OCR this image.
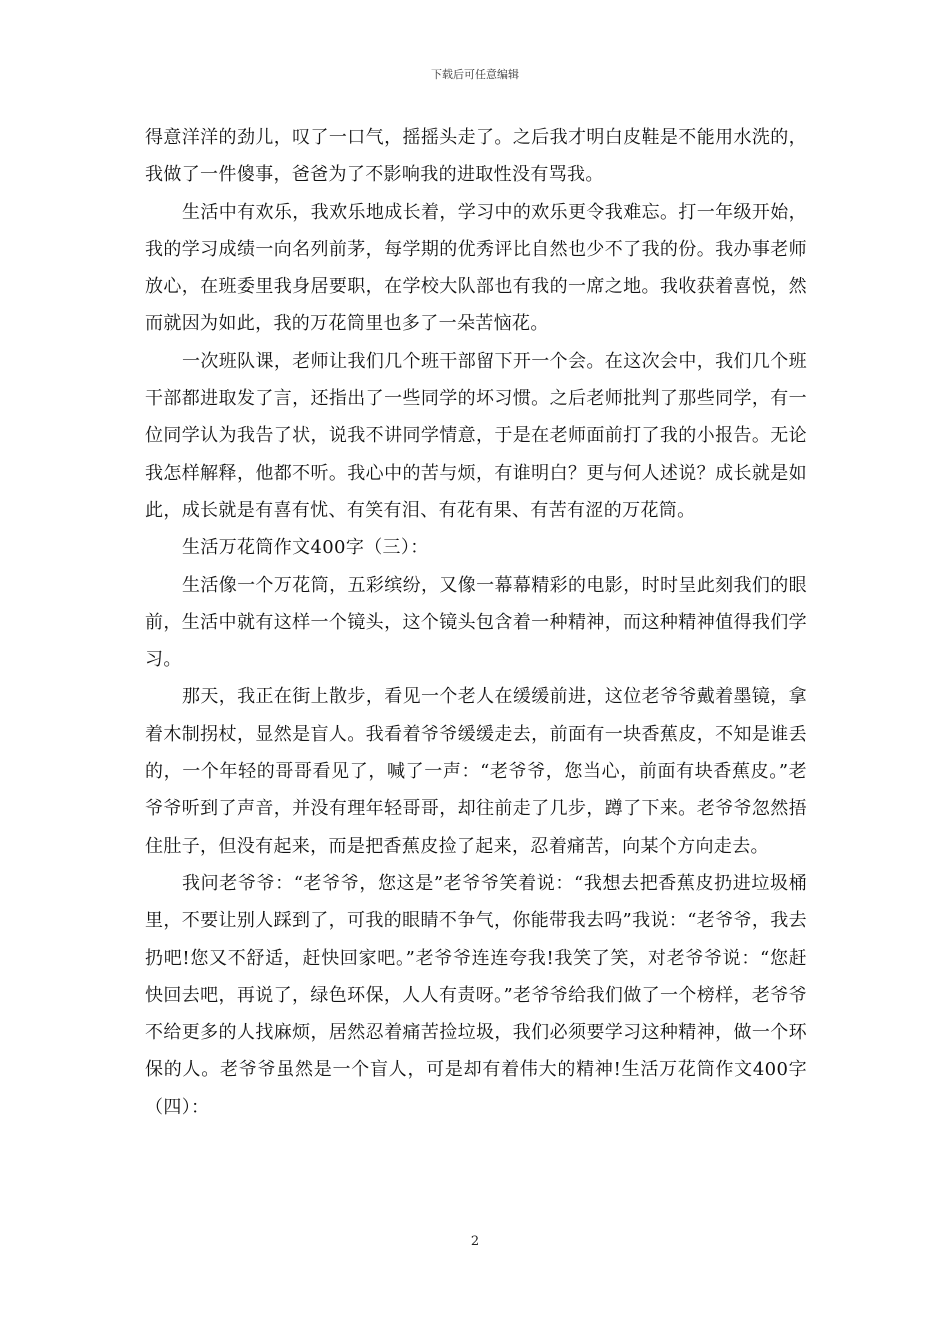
下载后可任意编辑

得意洋洋的劲儿，叹了一口气，摇摇头走了。之后我才明白皮鞋是不能用水洗的，我做了一件傻事，爸爸为了不影响我的进取性没有骂我。

生活中有欢乐，我欢乐地成长着，学习中的欢乐更令我难忘。打一年级开始，我的学习成绩一向名列前茅，每学期的优秀评比自然也少不了我的份。我办事老师放心，在班委里我身居要职，在学校大队部也有我的一席之地。我收获着喜悦，然而就因为如此，我的万花筒里也多了一朵苦恼花。

一次班队课，老师让我们几个班干部留下开一个会。在这次会中，我们几个班干部都进取发了言，还指出了一些同学的坏习惯。之后老师批判了那些同学，有一位同学认为我告了状，说我不讲同学情意，于是在老师面前打了我的小报告。无论我怎样解释，他都不听。我心中的苦与烦，有谁明白？更与何人述说？成长就是如此，成长就是有喜有忧、有笑有泪、有花有果、有苦有涩的万花筒。

生活万花筒作文400字（三）：

生活像一个万花筒，五彩缤纷，又像一幕幕精彩的电影，时时呈此刻我们的眼前，生活中就有这样一个镜头，这个镜头包含着一种精神，而这种精神值得我们学习。

那天，我正在街上散步，看见一个老人在缓缓前进，这位老爷爷戴着墨镜，拿着木制拐杖，显然是盲人。我看着爷爷缓缓走去，前面有一块香蕉皮，不知是谁丢的，一个年轻的哥哥看见了，喊了一声：“老爷爷，您当心，前面有块香蕉皮。”老爷爷听到了声音，并没有理年轻哥哥，却往前走了几步，蹲了下来。老爷爷忽然捂住肚子，但没有起来，而是把香蕉皮捡了起来，忍着痛苦，向某个方向走去。

我问老爷爷：“老爷爷，您这是”老爷爷笑着说：“我想去把香蕉皮扔进垃圾桶里，不要让别人踩到了，可我的眼睛不争气，你能带我去吗”我说：“老爷爷，我去扔吧!您又不舒适，赶快回家吧。”老爷爷连连夸我!我笑了笑，对老爷爷说：“您赶快回去吧，再说了，绿色环保，人人有责呀。”老爷爷给我们做了一个榜样，老爷爷不给更多的人找麻烦，居然忍着痛苦捡垃圾，我们必须要学习这种精神，做一个环保的人。老爷爷虽然是一个盲人，可是却有着伟大的精神!生活万花筒作文400字（四）：

2
